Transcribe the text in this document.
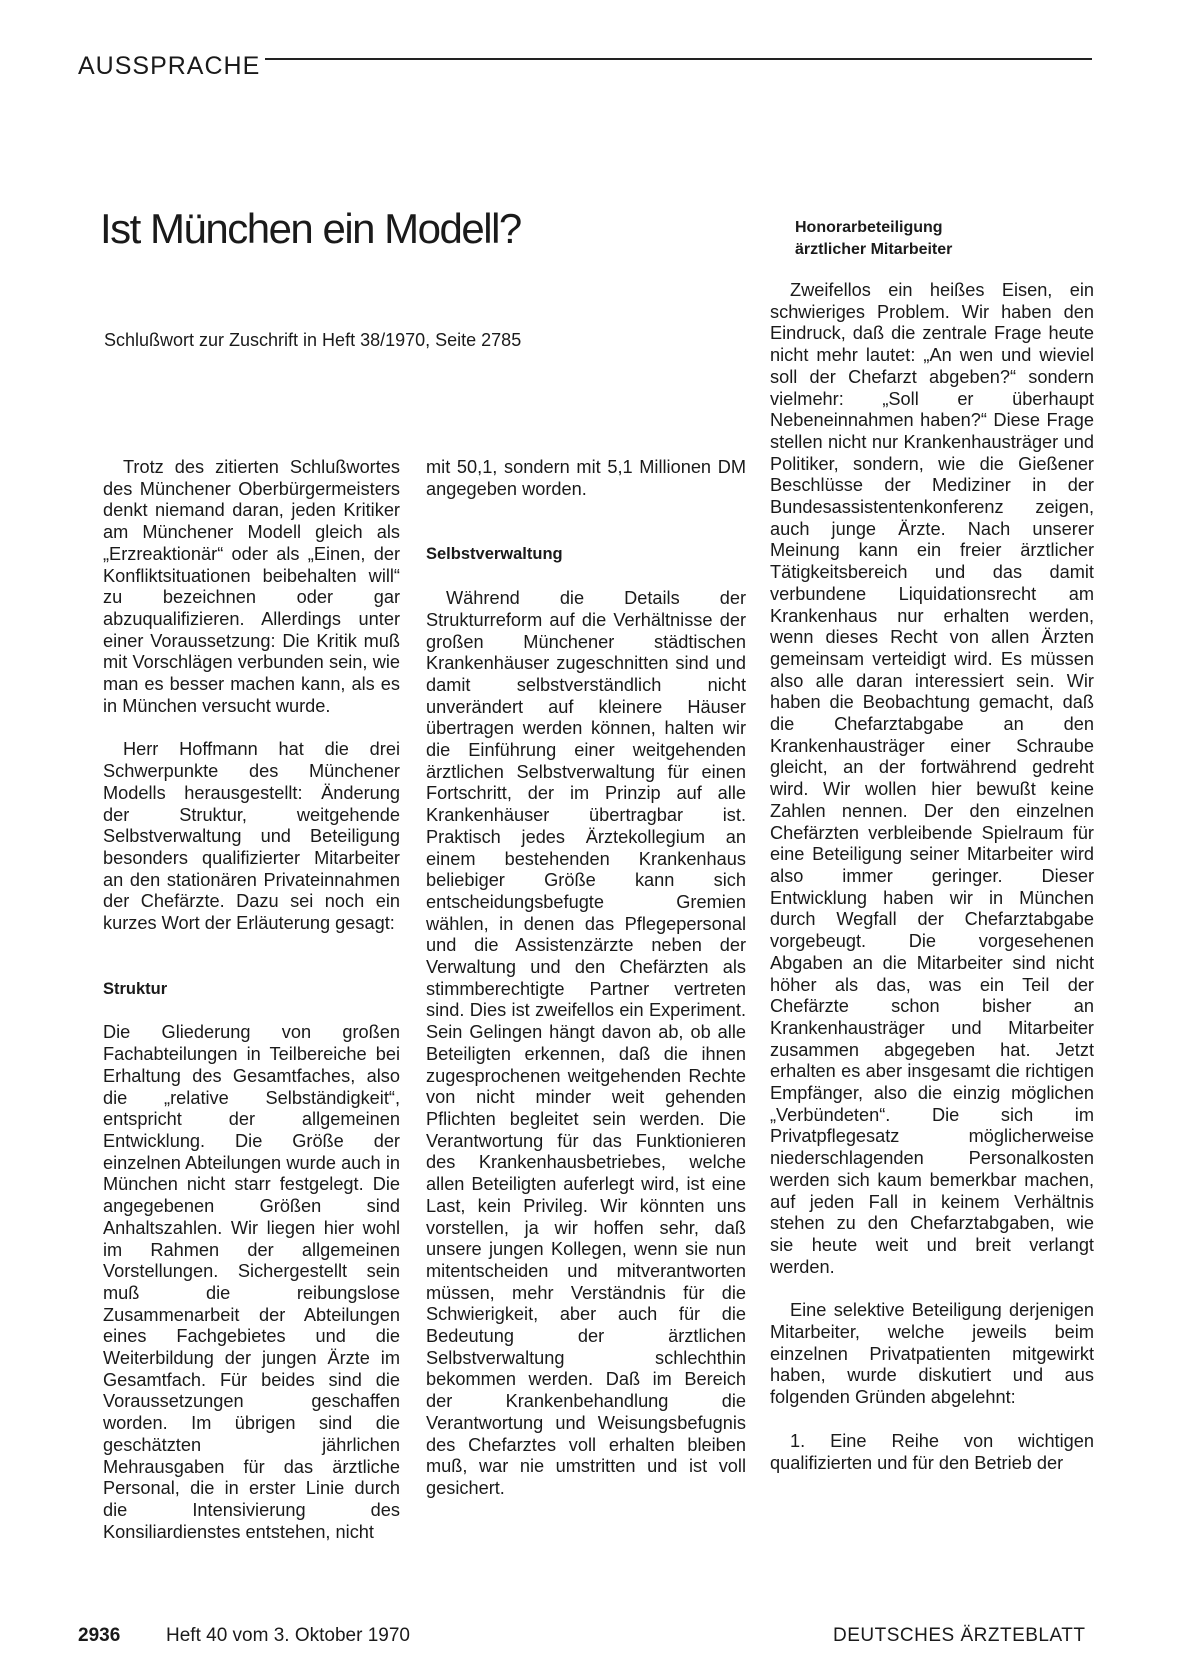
AUSSPRACHE
Ist München ein Modell?
Schlußwort zur Zuschrift in Heft 38/1970, Seite 2785
Honorarbeteiligung
ärztlicher Mitarbeiter

Trotz des zitierten Schlußwortes des Münchener Oberbürgermeisters denkt niemand daran, jeden Kritiker am Münchener Modell gleich als „Erzreaktionär“ oder als „Einen, der Konfliktsituationen beibehalten will“ zu bezeichnen oder gar abzuqualifizieren. Allerdings unter einer Voraussetzung: Die Kritik muß mit Vorschlägen verbunden sein, wie man es besser machen kann, als es in München versucht wurde.

Herr Hoffmann hat die drei Schwerpunkte des Münchener Modells herausgestellt: Änderung der Struktur, weitgehende Selbstverwaltung und Beteiligung besonders qualifizierter Mitarbeiter an den stationären Privateinnahmen der Chefärzte. Dazu sei noch ein kurzes Wort der Erläuterung gesagt:

Struktur

Die Gliederung von großen Fachabteilungen in Teilbereiche bei Erhaltung des Gesamtfaches, also die „relative Selbständigkeit“, entspricht der allgemeinen Entwicklung. Die Größe der einzelnen Abteilungen wurde auch in München nicht starr festgelegt. Die angegebenen Größen sind Anhaltszahlen. Wir liegen hier wohl im Rahmen der allgemeinen Vorstellungen. Sichergestellt sein muß die reibungslose Zusammenarbeit der Abteilungen eines Fachgebietes und die Weiterbildung der jungen Ärzte im Gesamtfach. Für beides sind die Voraussetzungen geschaffen worden. Im übrigen sind die geschätzten jährlichen Mehrausgaben für das ärztliche Personal, die in erster Linie durch die Intensivierung des Konsiliardienstes entstehen, nicht

mit 50,1, sondern mit 5,1 Millionen DM angegeben worden.

Selbstverwaltung

Während die Details der Strukturreform auf die Verhältnisse der großen Münchener städtischen Krankenhäuser zugeschnitten sind und damit selbstverständlich nicht unverändert auf kleinere Häuser übertragen werden können, halten wir die Einführung einer weitgehenden ärztlichen Selbstverwaltung für einen Fortschritt, der im Prinzip auf alle Krankenhäuser übertragbar ist. Praktisch jedes Ärztekollegium an einem bestehenden Krankenhaus beliebiger Größe kann sich entscheidungsbefugte Gremien wählen, in denen das Pflegepersonal und die Assistenzärzte neben der Verwaltung und den Chefärzten als stimmberechtigte Partner vertreten sind. Dies ist zweifellos ein Experiment. Sein Gelingen hängt davon ab, ob alle Beteiligten erkennen, daß die ihnen zugesprochenen weitgehenden Rechte von nicht minder weit gehenden Pflichten begleitet sein werden. Die Verantwortung für das Funktionieren des Krankenhausbetriebes, welche allen Beteiligten auferlegt wird, ist eine Last, kein Privileg. Wir könnten uns vorstellen, ja wir hoffen sehr, daß unsere jungen Kollegen, wenn sie nun mitentscheiden und mitverantworten müssen, mehr Verständnis für die Schwierigkeit, aber auch für die Bedeutung der ärztlichen Selbstverwaltung schlechthin bekommen werden. Daß im Bereich der Krankenbehandlung die Verantwortung und Weisungsbefugnis des Chefarztes voll erhalten bleiben muß, war nie umstritten und ist voll gesichert.

Zweifellos ein heißes Eisen, ein schwieriges Problem. Wir haben den Eindruck, daß die zentrale Frage heute nicht mehr lautet: „An wen und wieviel soll der Chefarzt abgeben?“ sondern vielmehr: „Soll er überhaupt Nebeneinnahmen haben?“ Diese Frage stellen nicht nur Krankenhausträger und Politiker, sondern, wie die Gießener Beschlüsse der Mediziner in der Bundesassistentenkonferenz zeigen, auch junge Ärzte. Nach unserer Meinung kann ein freier ärztlicher Tätigkeitsbereich und das damit verbundene Liquidationsrecht am Krankenhaus nur erhalten werden, wenn dieses Recht von allen Ärzten gemeinsam verteidigt wird. Es müssen also alle daran interessiert sein. Wir haben die Beobachtung gemacht, daß die Chefarztabgabe an den Krankenhausträger einer Schraube gleicht, an der fortwährend gedreht wird. Wir wollen hier bewußt keine Zahlen nennen. Der den einzelnen Chefärzten verbleibende Spielraum für eine Beteiligung seiner Mitarbeiter wird also immer geringer. Dieser Entwicklung haben wir in München durch Wegfall der Chefarztabgabe vorgebeugt. Die vorgesehenen Abgaben an die Mitarbeiter sind nicht höher als das, was ein Teil der Chefärzte schon bisher an Krankenhausträger und Mitarbeiter zusammen abgegeben hat. Jetzt erhalten es aber insgesamt die richtigen Empfänger, also die einzig möglichen „Verbündeten“. Die sich im Privatpflegesatz möglicherweise niederschlagenden Personalkosten werden sich kaum bemerkbar machen, auf jeden Fall in keinem Verhältnis stehen zu den Chefarztabgaben, wie sie heute weit und breit verlangt werden.

Eine selektive Beteiligung derjenigen Mitarbeiter, welche jeweils beim einzelnen Privatpatienten mitgewirkt haben, wurde diskutiert und aus folgenden Gründen abgelehnt:

1. Eine Reihe von wichtigen qualifizierten und für den Betrieb der

2936 Heft 40 vom 3. Oktober 1970	DEUTSCHES ÄRZTEBLATT
